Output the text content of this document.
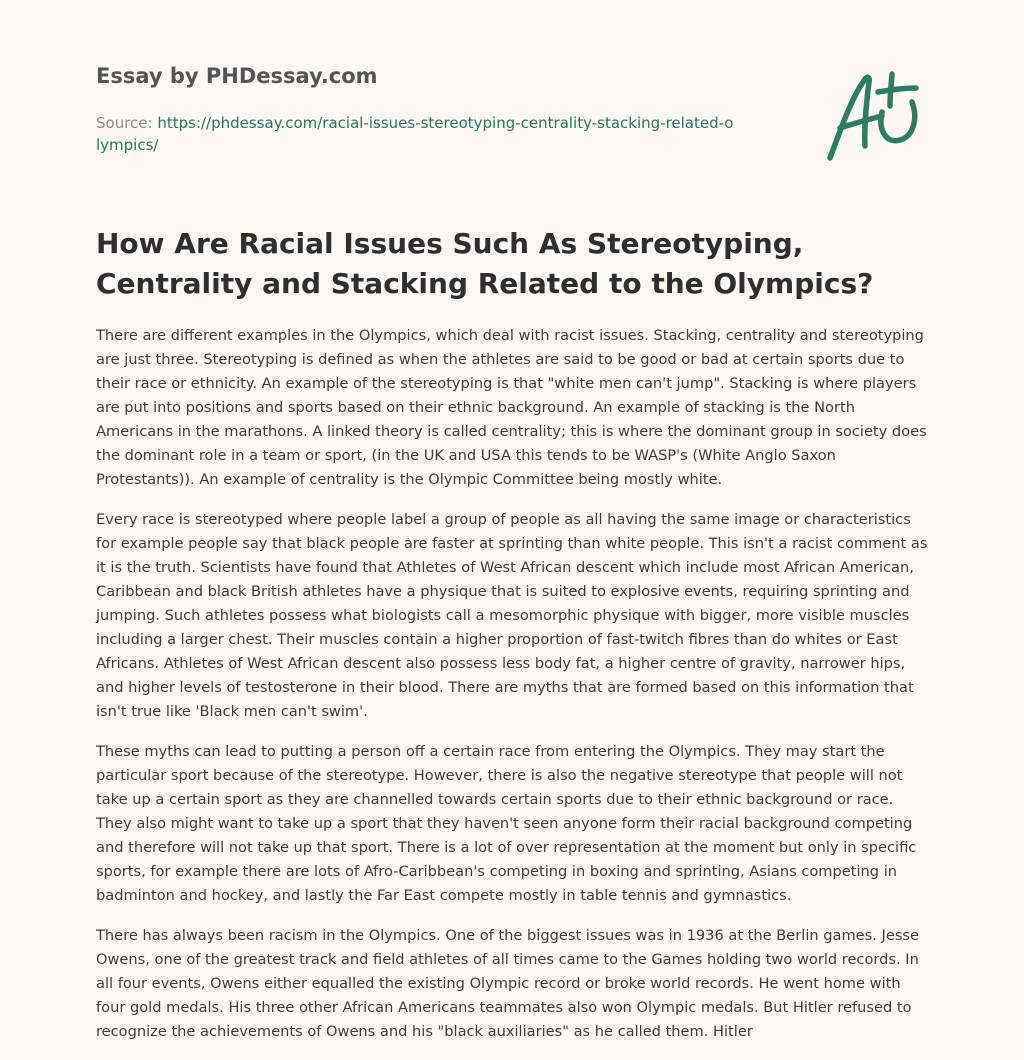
Essay by PHDessay.com
Source: https://phdessay.com/racial-issues-stereotyping-centrality-stacking-related-olympics/
How Are Racial Issues Such As Stereotyping, Centrality and Stacking Related to the Olympics?

There are different examples in the Olympics, which deal with racist issues. Stacking, centrality and stereotyping are just three. Stereotyping is defined as when the athletes are said to be good or bad at certain sports due to their race or ethnicity. An example of the stereotyping is that "white men can't jump". Stacking is where players are put into positions and sports based on their ethnic background. An example of stacking is the North Americans in the marathons. A linked theory is called centrality; this is where the dominant group in society does the dominant role in a team or sport, (in the UK and USA this tends to be WASP's (White Anglo Saxon Protestants)). An example of centrality is the Olympic Committee being mostly white.

Every race is stereotyped where people label a group of people as all having the same image or characteristics for example people say that black people are faster at sprinting than white people. This isn't a racist comment as it is the truth. Scientists have found that Athletes of West African descent which include most African American, Caribbean and black British athletes have a physique that is suited to explosive events, requiring sprinting and jumping. Such athletes possess what biologists call a mesomorphic physique with bigger, more visible muscles including a larger chest. Their muscles contain a higher proportion of fast-twitch fibres than do whites or East Africans. Athletes of West African descent also possess less body fat, a higher centre of gravity, narrower hips, and higher levels of testosterone in their blood. There are myths that are formed based on this information that isn't true like 'Black men can't swim'.

These myths can lead to putting a person off a certain race from entering the Olympics. They may start the particular sport because of the stereotype. However, there is also the negative stereotype that people will not take up a certain sport as they are channelled towards certain sports due to their ethnic background or race. They also might want to take up a sport that they haven't seen anyone form their racial background competing and therefore will not take up that sport. There is a lot of over representation at the moment but only in specific sports, for example there are lots of Afro-Caribbean's competing in boxing and sprinting, Asians competing in badminton and hockey, and lastly the Far East compete mostly in table tennis and gymnastics.

There has always been racism in the Olympics. One of the biggest issues was in 1936 at the Berlin games. Jesse Owens, one of the greatest track and field athletes of all times came to the Games holding two world records. In all four events, Owens either equalled the existing Olympic record or broke world records. He went home with four gold medals. His three other African Americans teammates also won Olympic medals. But Hitler refused to recognize the achievements of Owens and his "black auxiliaries" as he called them. Hitler
